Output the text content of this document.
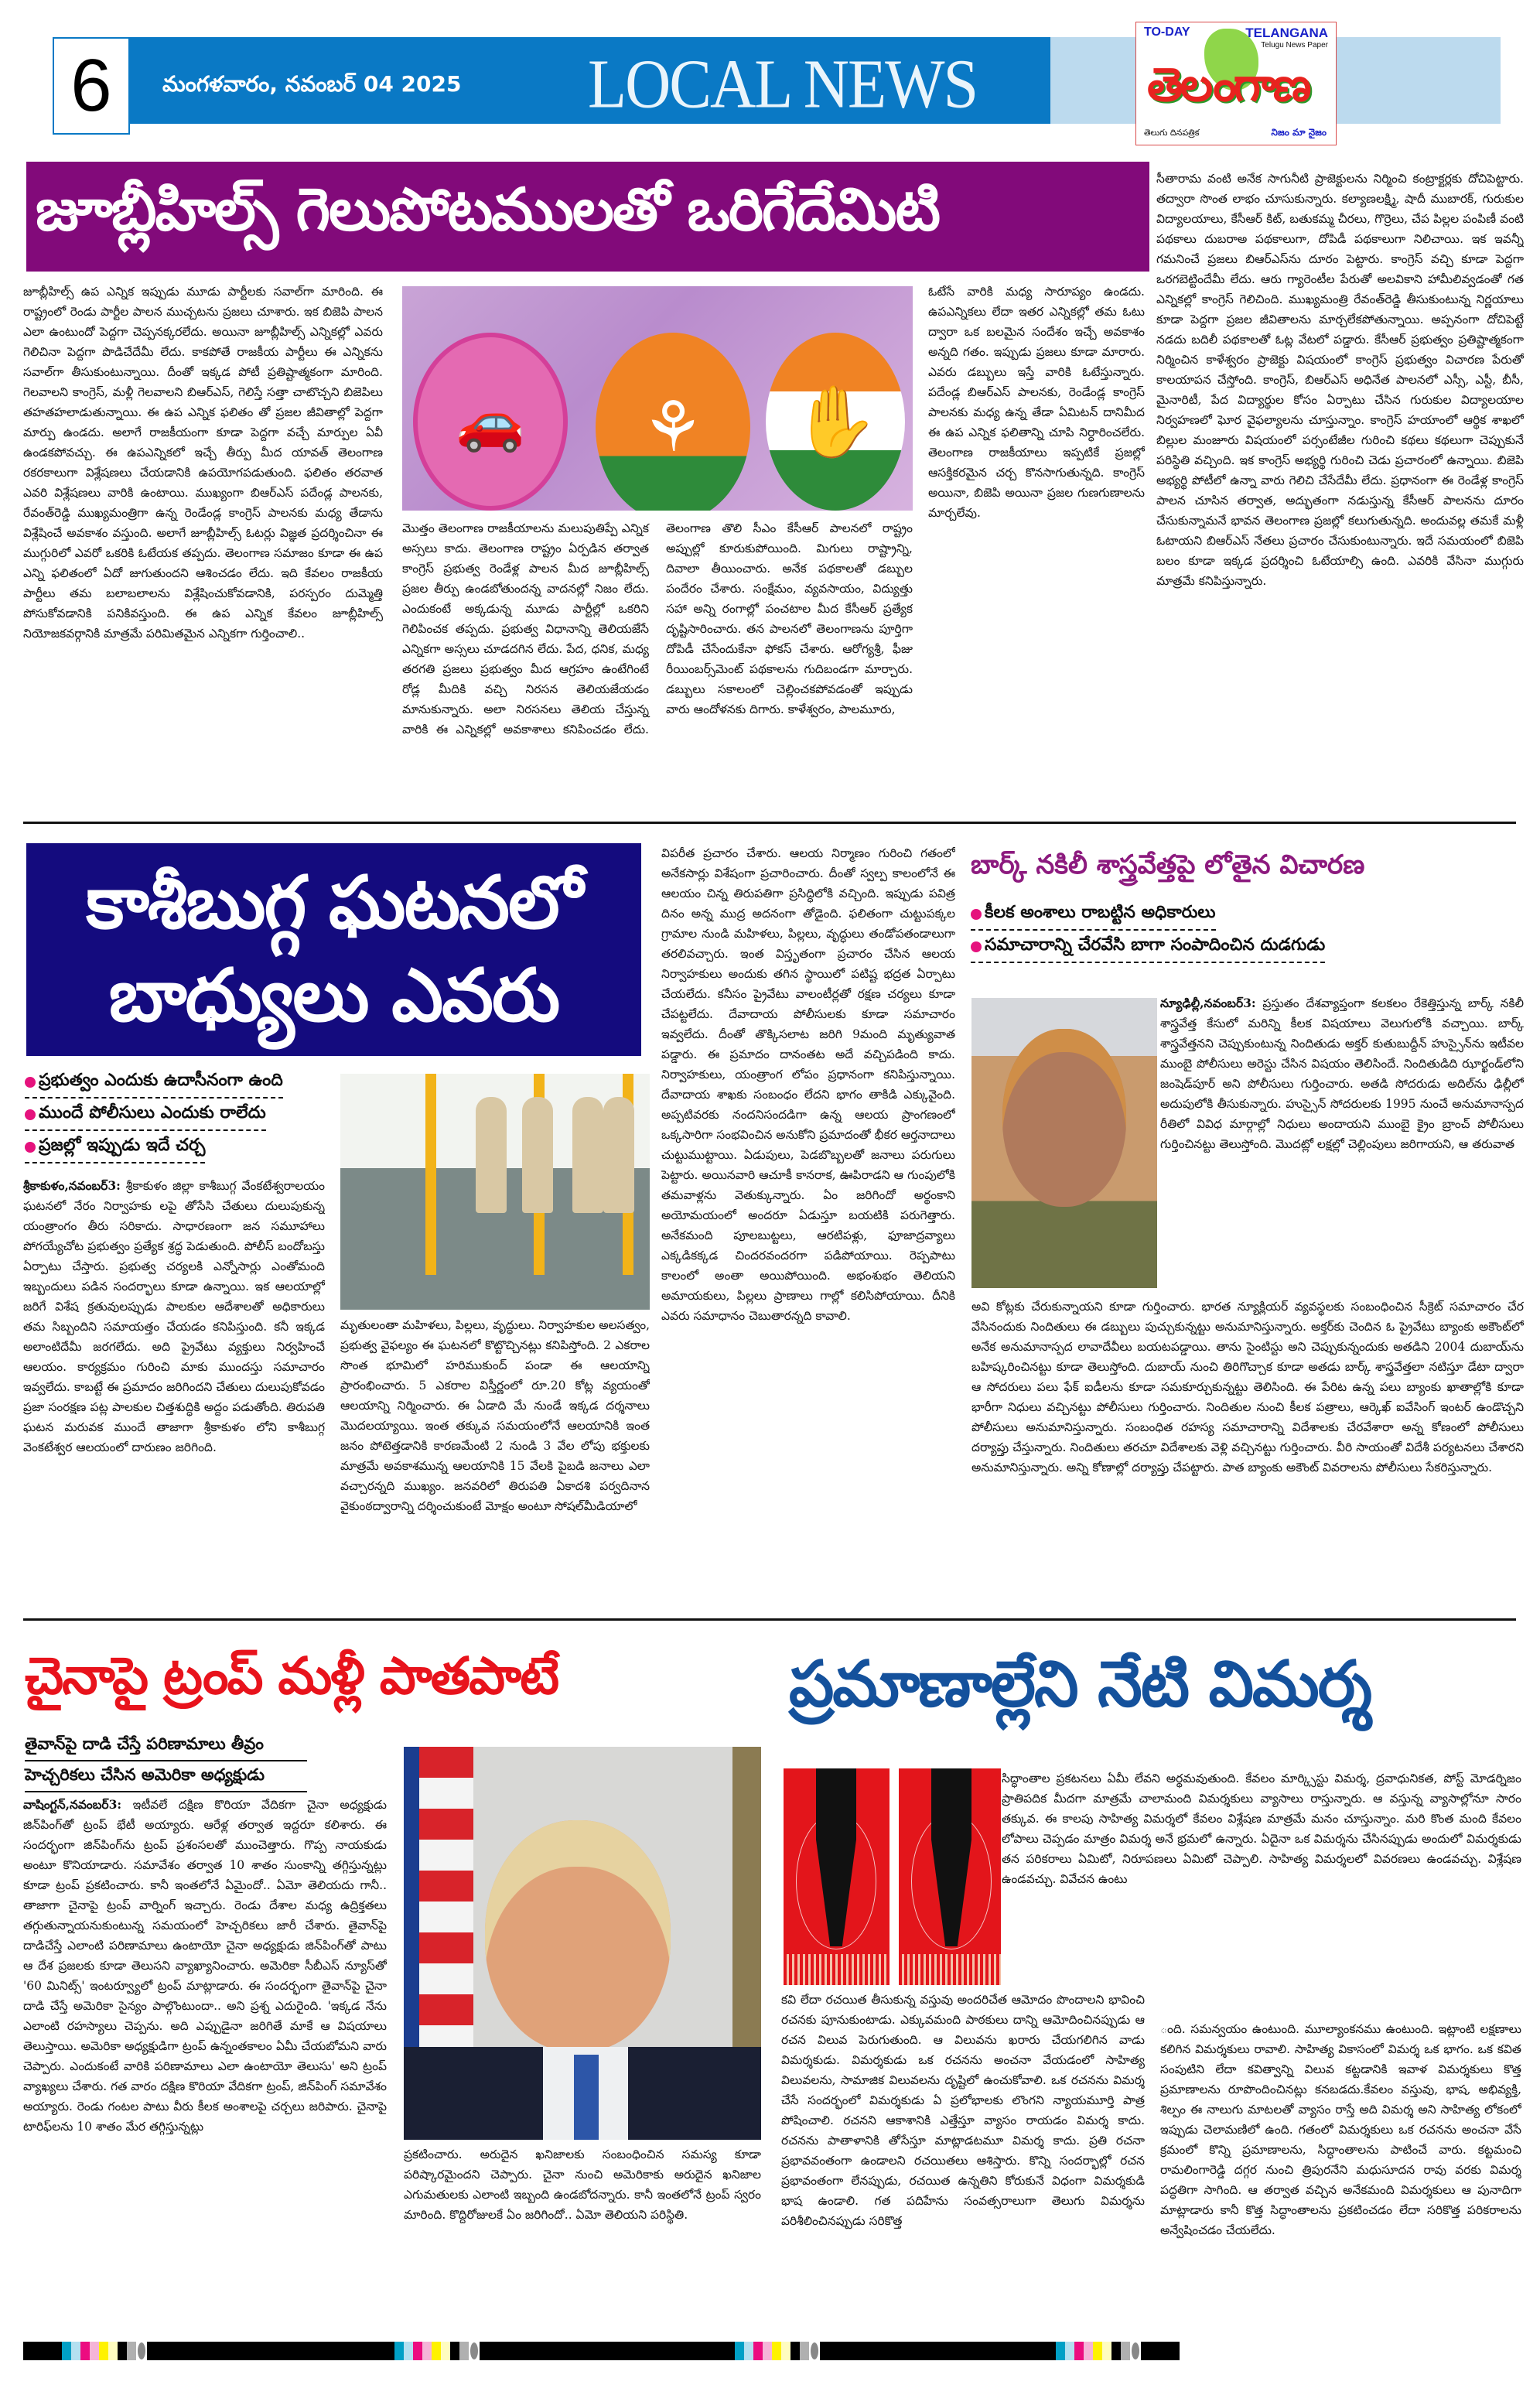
6	మంగళవారం, నవంబర్ 04 2025 LOCAL NEWS
TO-DAY	TELANGANA
Telugu News Paper
తెలంగాణ
తెలుగు దినపత్రిక	నిజం మా నైజం
జూబ్లీహిల్స్ గెలుపోటములతో ఒరిగేదేమిటి
జూబ్లీహిల్స్ ఉప ఎన్నిక ఇప్పుడు మూడు పార్టీలకు సవాల్‌గా మారింది. ఈ రాష్ట్రంలో రెండు పార్టీల పాలన ముచ్చటను ప్రజలు చూశారు. ఇక బిజెపి పాలన ఎలా ఉంటుందో పెద్దగా చెప్పనక్కరలేదు. అయినా జూబ్లీహిల్స్ ఎన్నికల్లో ఎవరు గెలిచినా పెద్దగా పొడిచేదేమీ లేదు. కాకపోతే రాజకీయ పార్టీలు ఈ ఎన్నికను సవాల్‌గా తీసుకుంటున్నాయి. దీంతో ఇక్కడ పోటీ ప్రతిష్టాత్మకంగా మారింది. గెలవాలని కాంగ్రెస్, మళ్లీ గెలవాలని బిఆర్‌ఎస్, గెలిస్తే సత్తా చాటొచ్చని బిజెపిలు తహతహలాడుతున్నాయి. ఈ ఉప ఎన్నిక ఫలితం తో ప్రజల జీవితాల్లో పెద్దగా మార్పు ఉండదు. అలాగే రాజకీయంగా కూడా పెద్దగా వచ్చే మార్పుల ఏవీ ఉండకపోవచ్చు. ఈ ఉపఎన్నికలో ఇచ్చే తీర్పు మీద యావత్ తెలంగాణ రకరకాలుగా విశ్లేషణలు చేయడానికి ఉపయోగపడుతుంది. ఫలితం తరవాత ఎవరి విశ్లేషణలు వారికి ఉంటాయి. ముఖ్యంగా బిఆర్‌ఎస్ పదేండ్ల పాలనకు, రేవంత్‌రెడ్డి ముఖ్యమంత్రిగా ఉన్న రెండేండ్ల కాంగ్రెస్ పాలనకు మధ్య తేడాను విశ్లేషించే అవకాశం వస్తుంది. అలాగే జూబ్లీహిల్స్ ఓటర్లు విజ్ఞత ప్రదర్శించినా ఈ ముగ్గురిలో ఎవరో ఒకరికి ఓటేయక తప్పదు. తెలంగాణ సమాజం కూడా ఈ ఉప ఎన్ని ఫలితంలో ఏదో జుగుతుందని ఆశించడం లేదు. ఇది కేవలం రాజకీయ పార్టీలు తమ బలాబలాలను విశ్లేషించుకోవడానికి, పరస్పరం దుమ్మెత్తి పోసుకోవడానికి పనికివస్తుంది. ఈ ఉప ఎన్నిక కేవలం జూబ్లీహిల్స్ నియోజకవర్గానికి మాత్రమే పరిమితమైన ఎన్నికగా గుర్తించాలి..
🚗	⚘	✋
ఓటేసే వారికి మధ్య సారూప్యం ఉండదు. ఉపఎన్నికలు లేదా ఇతర ఎన్నికల్లో తమ ఓటు ద్వారా ఒక బలమైన సందేశం ఇచ్చే అవకాశం అన్నది గతం. ఇప్పుడు ప్రజలు కూడా మారారు. ఎవరు డబ్బులు ఇస్తే వారికి ఓటేస్తున్నారు. పదేండ్ల బిఆర్‌ఎస్ పాలనకు, రెండేండ్ల కాంగ్రెస్ పాలనకు మధ్య ఉన్న తేడా ఏమిటన్ దానిమీద ఈ ఉప ఎన్నిక ఫలితాన్ని చూపి నిర్ధారించలేరు. తెలంగాణ రాజకీయాలు ఇప్పటికే ప్రజల్లో ఆసక్తికరమైన చర్చ కొనసాగుతున్నది. కాంగ్రెస్ అయినా, బిజెపి అయినా ప్రజల గుణగుణాలను మార్చలేవు.
మొత్తం తెలంగాణ రాజకీయాలను మలుపుతిప్పే ఎన్నిక అస్సలు కాదు. తెలంగాణ రాష్ట్రం ఏర్పడిన తర్వాత కాంగ్రెస్ ప్రభుత్వ రెండేళ్ల పాలన మీద జూబ్లీహిల్స్ ప్రజల తీర్పు ఉండబోతుందన్న వాదనల్లో నిజం లేదు. ఎందుకంటే అక్కడున్న మూడు పార్టీల్లో ఒకరిని గెలిపించక తప్పదు. ప్రభుత్వ విధానాన్ని తెలియజేసే ఎన్నికగా అస్సలు చూడదగిన లేదు. పేద, ధనిక, మధ్య తరగతి ప్రజలు ప్రభుత్వం మీద ఆగ్రహం ఉంటేగింటే రోడ్ల మీదికి వచ్చి నిరసన తెలియజేయడం మానుకున్నారు. అలా నిరసనలు తెలియ చేస్తున్న వారికి ఈ ఎన్నికల్లో అవకాశాలు కనిపించడం లేదు. తెలంగాణ తొలి సీఎం కేసీఆర్ పాలనలో రాష్ట్రం అప్పుల్లో కూరుకుపోయింది. మిగులు రాష్ట్రాన్ని, దివాలా తీయించారు. అనేక పథకాలతో డబ్బుల పందేరం చేశారు. సంక్షేమం, వ్యవసాయం, విద్యుత్తు సహా అన్ని రంగాల్లో పంచటాల మీద కేసీఆర్ ప్రత్యేక దృష్టిసారించారు. తన పాలనలో తెలంగాణను పూర్తిగా దోపిడీ చేసేందుకేనా ఫోకస్ చేశారు. ఆరోగ్యశ్రీ, ఫీజు రీయింబర్స్‌మెంట్ పథకాలను గుదిబండగా మార్చారు. డబ్బులు సకాలంలో చెల్లించకపోవడంతో ఇప్పుడు వారు ఆందోళనకు దిగారు. కాళేశ్వరం, పాలమూరు,
సీతారామ వంటి అనేక సాగునీటి ప్రాజెక్టులను నిర్మించి కంట్రాక్టర్లకు దోచిపెట్టారు. తద్వారా సొంత లాభం చూసుకున్నారు. కల్యాణలక్ష్మి, షాదీ ముబారక్, గురుకుల విద్యాలయాలు, కేసీఆర్ కిట్, బతుకమ్మ చీరలు, గొర్రెలు, చేప పిల్లల పంపిణీ వంటి పథకాలు దుబరాఅ పథకాలుగా, దోపిడీ పథకాలుగా నిలిచాయి. ఇక ఇవన్నీ గమనించే ప్రజలు బిఆర్‌ఎస్‌ను దూరం పెట్టారు. కాంగ్రెస్ వచ్చి కూడా పెద్దగా ఒరగబెట్టిందేమీ లేదు. ఆరు గ్యారెంటీల పేరుతో అలవికాని హామీలివ్వడంతో గత ఎన్నికల్లో కాంగ్రెస్ గెలిచింది. ముఖ్యమంత్రి రేవంత్‌రెడ్డి తీసుకుంటున్న నిర్ణయాలు కూడా పెద్దగా ప్రజల జీవితాలను మార్చలేకపోతున్నాయి. అప్పనంగా దోచిపెట్టే నడదు బదిలీ పథకాలతో ఓట్ల వేటలో పడ్డారు. కేసీఆర్ ప్రభుత్వం ప్రతిష్టాత్మకంగా నిర్మించిన కాళేశ్వరం ప్రాజెక్టు విషయంలో కాంగ్రెస్ ప్రభుత్వం విచారణ పేరుతో కాలయాపన చేస్తోంది. కాంగ్రెస్, బిఆర్‌ఎస్ అధినేత పాలనలో ఎస్సీ, ఎస్టీ, బీసీ, మైనారిటీ, పేద విద్యార్థుల కోసం ఏర్పాటు చేసిన గురుకుల విద్యాలయాల నిర్వహణలో ఘోర వైఫల్యాలను చూస్తున్నాం. కాంగ్రెస్ హయాంలో ఆర్థిక శాఖలో బిల్లుల మంజూరు విషయంలో పర్సంటేజీల గురించి కథలు కథలుగా చెప్పుకునే పరిస్థితి వచ్చింది. ఇక కాంగ్రెస్ అభ్యర్థి గురించి చెడు ప్రచారంలో ఉన్నాయి. బిజెపి అభ్యర్థి పోటీలో ఉన్నా వారు గెలిచి చేసేదేమీ లేదు. ప్రధానంగా ఈ రెండేళ్ల కాంగ్రెస్ పాలన చూసిన తర్వాత, అద్భుతంగా నడుస్తున్న కేసీఆర్ పాలనను దూరం చేసుకున్నామనే భావన తెలంగాణ ప్రజల్లో కలుగుతున్నది. అందువల్ల తమకే మళ్లీ ఓటాయని బిఆర్‌ఎస్ నేతలు ప్రచారం చేసుకుంటున్నారు. ఇదే సమయంలో బిజెపి బలం కూడా ఇక్కడ ప్రదర్శించి ఓటేయాల్సి ఉంది. ఎవరికి వేసినా ముగ్గురు మాత్రమే కనిపిస్తున్నారు.
కాశీబుగ్గ ఘటనలో
బాధ్యులు ఎవరు
ప్రభుత్వం ఎందుకు ఉదాసీనంగా ఉంది
ముందే పోలీసులు ఎందుకు రాలేదు
ప్రజల్లో ఇప్పుడు ఇదే చర్చ
శ్రీకాకుళం,నవంబర్3: శ్రీకాకుళం జిల్లా కాశీబుగ్గ వేంకటేశ్వరాలయం ఘటనలో నేరం నిర్వాహకు లపై తోసేసి చేతులు దులుపుకున్న యంత్రాంగం తీరు సరికాదు. సాధారణంగా జన సమూహాలు పోగయ్యేచోట ప్రభుత్వం ప్రత్యేక శ్రద్ధ పెడుతుంది. పోలీస్ బందోబస్తు ఏర్పాటు చేస్తారు. ప్రభుత్వ చర్యలకి ఎన్నోసార్లు ఎంతోమంది ఇబ్బందులు పడిన సందర్భాలు కూడా ఉన్నాయి. ఇక ఆలయాల్లో జరిగే విశేష క్రతువులప్పుడు పాలకుల ఆదేశాలతో అధికారులు తమ సిబ్బందిని సమాయత్తం చేయడం కనిపిస్తుంది. కనీ ఇక్కడ అలాంటిదేమీ జరగలేదు. అది ప్రైవేటు వ్యక్తులు నిర్వహించే ఆలయం. కార్యక్రమం గురించి మాకు ముందస్తు సమాచారం ఇవ్వలేదు. కాబట్టే ఈ ప్రమాదం జరిగిందని చేతులు దులుపుకోవడం ప్రజా సంరక్షణ పట్ల పాలకుల చిత్తశుద్ధికి అద్దం పడుతోంది. తిరుపతి ఘటన మరువక ముందే తాజాగా శ్రీకాకుళం లోని కాశీబుగ్గ వెంకటేశ్వర ఆలయంలో దారుణం జరిగింది.
మృతులంతా మహిళలు, పిల్లలు, వృద్ధులు. నిర్వాహకుల అలసత్వం, ప్రభుత్వ వైఫల్యం ఈ ఘటనలో కొట్టొచ్చినట్లు కనిపిస్తోంది. 2 ఎకరాల సొంత భూమిలో హరిముకుంద్ పండా ఈ ఆలయాన్ని ప్రారంభించారు. 5 ఎకరాల విస్తీర్ణంలో రూ.20 కోట్ల వ్యయంతో ఆలయాన్ని నిర్మించారు. ఈ ఏడాది మే నుండే ఇక్కడ దర్శనాలు మొదలయ్యాయి. ఇంత తక్కువ సమయంలోనే ఆలయానికి ఇంత జనం పోటెత్తడానికి కారణమేంటి 2 నుండి 3 వేల లోపు భక్తులకు మాత్రమే అవకాశమున్న ఆలయానికి 15 వేలకి పైబడి జనాలు ఎలా వచ్చారన్నది ముఖ్యం. జనవరిలో తిరుపతి ఏకాదశి పర్వదినాన వైకుంఠద్వారాన్ని దర్శించుకుంటే మోక్షం అంటూ సోషల్‌మీడియాలో
విపరీత ప్రచారం చేశారు. ఆలయ నిర్మాణం గురించి గతంలో అనేకసార్లు విశేషంగా ప్రచారించారు. దీంతో స్వల్ప కాలంలోనే ఈ ఆలయం చిన్న తిరుపతిగా ప్రసిద్ధిలోకి వచ్చింది. ఇప్పుడు పవిత్ర దినం అన్న ముద్ర అదనంగా తోడైంది. ఫలితంగా చుట్టుపక్కల గ్రామాల నుండి మహిళలు, పిల్లలు, వృద్ధులు తండోపతండాలుగా తరలివచ్చారు. ఇంత విస్తృతంగా ప్రచారం చేసిన ఆలయ నిర్వాహకులు అందుకు తగిన స్థాయిలో పటిష్ట భద్రత ఏర్పాటు చేయలేదు. కనీసం ప్రైవేటు వాలంటీర్లతో రక్షణ చర్యలు కూడా చేపట్టలేదు. దేవాదాయ పోలీసులకు కూడా సమాచారం ఇవ్వలేదు. దీంతో తొక్కిసలాట జరిగి 9మంది మృత్యువాత పడ్డారు. ఈ ప్రమాదం దానంతట అదే వచ్చిపడింది కాదు. నిర్వాహకులు, యంత్రాంగ లోపం ప్రధానంగా కనిపిస్తున్నాయి. దేవాదాయ శాఖకు సంబంధం లేదని భాగం తాకిడి ఎక్కువైంది. అప్పటివరకు నందనిసందడిగా ఉన్న ఆలయ ప్రాంగణంలో ఒక్కసారిగా సంభవించిన అనుకోని ప్రమాదంతో భీకర ఆర్తనాదాలు చుట్టుముట్టాయి. ఏడుపులు, పెడబొబ్బలతో జనాలు పరుగులు పెట్టారు. అయినవారి ఆచూకీ కానరాక, ఊపిరాడని ఆ గుంపులోకి తమవాళ్లను వెతుక్కున్నారు. ఏం జరిగిందో అర్థంకాని అయోమయంలో అందరూ ఏడుస్తూ బయటికి పరుగెత్తారు. అనేకమంది పూలబుట్టలు, ఆరటిపళ్లు, ఫూజాద్రవ్యాలు ఎక్కడికక్కడ చిందరవందరగా పడిపోయాయి. రెప్పపాటు కాలంలో అంతా అయిపోయింది. అభంశుభం తెలియని అమాయకులు, పిల్లలు ప్రాణాలు గాల్లో కలిసిపోయాయి. దీనికి ఎవరు సమాధానం చెబుతారన్నది కావాలి.
బార్క్ నకిలీ శాస్త్రవేత్తపై లోతైన విచారణ
కీలక అంశాలు రాబట్టిన అధికారులు
సమాచారాన్ని చేరవేసి బాగా సంపాదించిన దుడగుడు
న్యూఢిల్లీ,నవంబర్3: ప్రస్తుతం దేశవ్యాప్తంగా కలకలం రేకెత్తిస్తున్న బార్క్ నకిలీ శాస్త్రవేత్త కేసులో మరిన్ని కీలక విషయాలు వెలుగులోకి వచ్చాయి. బార్క్ శాస్త్రవేత్తనని చెప్పుకుంటున్న నిందితుడు అక్తర్ కుతుబుద్దీన్ హుస్సైన్‌ను ఇటీవల ముంబై పోలీసులు అరెస్టు చేసిన విషయం తెలిసిందే. నిందితుడిది ఝార్ఖండ్‌లోని జంషెడ్‌పూర్ అని పోలీసులు గుర్తించారు. అతడి సోదరుడు అదిల్‌ను ఢిల్లీలో అదుపులోకి తీసుకున్నారు. హుస్సైన్ సోదరులకు 1995 నుంచే అనుమానాస్పద రీతిలో వివిధ మార్గాల్లో నిధులు అందాయని ముంబై క్రైం బ్రాంచ్ పోలీసులు గుర్తించినట్టు తెలుస్తోంది. మొదట్లో లక్షల్లో చెల్లింపులు జరిగాయని, ఆ తరువాత
అవి కోట్లకు చేరుకున్నాయని కూడా గుర్తించారు. భారత న్యూక్లియర్ వ్యవస్థలకు సంబంధించిన సీక్రెట్ సమాచారం చేర వేసినందుకు నిందితులు ఈ డబ్బులు పుచ్చుకున్నట్టు అనుమానిస్తున్నారు. అక్తర్‌కు చెందిన ఓ ప్రైవేటు బ్యాంకు అకౌంట్‌లో అనేక అనుమానాస్పద లావాదేవీలు బయటపడ్డాయి. తాను సైంటిస్టు అని చెప్పుకున్నందుకు అతడిని 2004 దుబాయ్‌ను బహిష్కరించినట్టు కూడా తెలుస్తోంది. దుబాయ్ నుంచి తిరిగొచ్చాక కూడా అతడు బార్క్ శాస్త్రవేత్తలా నటిస్తూ డేటా ద్వారా ఆ సోదరులు పలు ఫేక్ ఐడీలను కూడా సమకూర్చుకున్నట్టు తెలిసింది. ఈ పేరిట ఉన్న పలు బ్యాంకు ఖాతాల్లోకి కూడా భారీగా నిధులు వచ్చినట్టు పోలీసులు గుర్తించారు. నిందితుల నుంచి కీలక పత్రాలు, ఆర్కెఖ్ ఐవేసింగ్ ఇంటర్ ఉండొచ్చని పోలీసులు అనుమానిస్తున్నారు. సంబంధిత రహస్య సమాచారాన్ని విదేశాలకు చేరవేశారా అన్న కోణంలో పోలీసులు దర్యాప్తు చేస్తున్నారు. నిందితులు తరచూ విదేశాలకు వెళ్లి వచ్చినట్టు గుర్తించారు. వీరి సాయంతో విదేశీ పర్యటనలు చేశారని అనుమానిస్తున్నారు. అన్ని కోణాల్లో దర్యాప్తు చేపట్టారు. పాత బ్యాంకు అకౌంట్ వివరాలను పోలీసులు సేకరిస్తున్నారు.
చైనాపై ట్రంప్ మళ్లీ పాతపాటే
తైవాన్‌పై దాడి చేస్తే పరిణామాలు తీవ్రం
హెచ్చరికలు చేసిన అమెరికా అధ్యక్షుడు
వాషింగ్టన్,నవంబర్3: ఇటీవలే దక్షిణ కొరియా వేదికగా చైనా అధ్యక్షుడు జిన్‌పింగ్‌తో ట్రంప్ భేటీ అయ్యారు. ఆరేళ్ల తర్వాత ఇద్దరూ కలిశారు. ఈ సందర్భంగా జిన్‌పింగ్‌ను ట్రంప్ ప్రశంసలతో ముంచెత్తారు. గొప్ప నాయకుడు అంటూ కొనియాడారు. సమావేశం తర్వాత 10 శాతం సుంకాన్ని తగ్గిస్తున్నట్లు కూడా ట్రంప్ ప్రకటించారు. కానీ ఇంతలోనే ఏమైందో.. ఏమో తెలియదు గానీ.. తాజాగా చైనాపై ట్రంప్ వార్నింగ్ ఇచ్చారు. రెండు దేశాల మధ్య ఉద్రిక్తతలు తగ్గుతున్నాయనుకుంటున్న సమయంలో హెచ్చరికలు జారీ చేశారు. తైవాన్‌పై దాడిచేస్తే ఎలాంటి పరిణామాలు ఉంటాయో చైనా అధ్యక్షుడు జిన్‌పింగ్‌తో పాటు ఆ దేశ ప్రజలకు కూడా తెలుసని వ్యాఖ్యానించారు. అమెరికా సీబీఎస్ న్యూస్‌తో '60 మినిట్స్' ఇంటర్వ్యూలో ట్రంప్ మాట్లాడారు. ఈ సందర్భంగా తైవాన్‌పై చైనా దాడి చేస్తే అమెరికా సైన్యం పాల్గొంటుందా.. అని ప్రశ్న ఎదురైంది. 'ఇక్కడ నేను ఎలాంటి రహస్యాలు చెప్పను. అది ఎప్పుడైనా జరిగితే మాకే ఆ విషయాలు తెలుస్తాయి. అమెరికా అధ్యక్షుడిగా ట్రంప్ ఉన్నంతకాలం ఏమీ చేయబోమని వారు చెప్పారు. ఎందుకంటే వారికి పరిణామాలు ఎలా ఉంటాయో తెలుసు' అని ట్రంప్ వ్యాఖ్యలు చేశారు. గత వారం దక్షిణ కొరియా వేదికగా ట్రంప్, జిన్‌పింగ్ సమావేశం అయ్యారు. రెండు గంటల పాటు వీరు కీలక అంశాలపై చర్చలు జరిపారు. చైనాపై టారిఫ్‌లను 10 శాతం మేర తగ్గిస్తున్నట్లు
ప్రకటించారు. అరుదైన ఖనిజాలకు సంబంధించిన సమస్య కూడా పరిష్కారమైందని చెప్పారు. చైనా నుంచి అమెరికాకు అరుదైన ఖనిజాల ఎగుమతులకు ఎలాంటి ఇబ్బంది ఉండబోదన్నారు. కానీ ఇంతలోనే ట్రంప్ స్వరం మారింది. కొద్దిరోజులకే ఏం జరిగిందో.. ఏమో తెలియని పరిస్థితి.
ప్రమాణాల్లేని నేటి విమర్శ
సిద్ధాంతాల ప్రకటనలు ఏమీ లేవని అర్థమవుతుంది. కేవలం మార్క్సిస్టు విమర్శ, ద్రవాధునికత, పోస్ట్ మోడర్నిజం ప్రాతిపదిక మీదగా మాత్రమే చాలామంది విమర్శకులు వ్యాసాలు రాస్తున్నారు. ఆ వస్తున్న వ్యాసాల్లోనూ సారం తక్కువ. ఈ కాలపు సాహిత్య విమర్శలో కేవలం విశ్లేషణ మాత్రమే మనం చూస్తున్నాం. మరి కొంత మంది కేవలం లోపాలు చెప్పడం మాత్రం విమర్శ అనే భ్రమలో ఉన్నారు. ఏదైనా ఒక విమర్శను చేసినప్పుడు అందులో విమర్శకుడు తన పరికరాలు ఏమిటో, నిరూపణలు ఏమిటో చెప్పాలి. సాహిత్య విమర్శలలో వివరణలు ఉండవచ్చు. విశ్లేషణ ఉండవచ్చు. వివేచన ఉంటు
కవి లేదా రచయిత తీసుకున్న వస్తువు అందరిచేత ఆమోదం పొందాలని భావించి రచనకు పూనుకుంటాడు. ఎక్కువమంది పాఠకులు దాన్ని ఆమోదించినప్పుడు ఆ రచన విలువ పెరుగుతుంది. ఆ విలువను ఖరారు చేయగలిగిన వాడు విమర్శకుడు. విమర్శకుడు ఒక రచనను అంచనా వేయడంలో సాహిత్య విలువలను, సామాజిక విలువలను దృష్టిలో ఉంచుకోవాలి. ఒక రచనను విమర్శ చేసే సందర్భంలో విమర్శకుడు ఏ ప్రలోభాలకు లొంగని న్యాయమూర్తి పాత్ర పోషించాలి. రచనని ఆకాశానికి ఎత్తేస్తూ వ్యాసం రాయడం విమర్శ కాదు. రచనను పాతాళానికి తోసేస్తూ మాట్లాడటమూ విమర్శ కాదు. ప్రతి రచనా ప్రభావవంతంగా ఉండాలని రచయితలు ఆశిస్తారు. కొన్ని సందర్భాల్లో రచన ప్రభావంతంగా లేనప్పుడు, రచయిత ఉన్నతిని కోరుకునే విధంగా విమర్శకుడి భాష ఉండాలి. గత పదిహేను సంవత్సరాలుగా తెలుగు విమర్శను పరిశీలించినప్పుడు సరికొత్త
ంది. సమన్వయం ఉంటుంది. మూల్యాంకనము ఉంటుంది. ఇట్లాంటి లక్షణాలు కలిగిన విమర్శకులు రావాలి. సాహిత్య వికాసంలో విమర్శ ఒక భాగం. ఒక కవిత సంపుటిని లేదా కవిత్వాన్ని విలువ కట్టడానికి ఇవాళ విమర్శకులు కొత్త ప్రమాణాలను రూపొందించినట్లు కనబడదు.కేవలం వస్తువు, భాష, అభివ్యక్తి, శిల్పం ఈ నాలుగు మాటలతో వ్యాసం రాస్తే అది విమర్శ అని సాహిత్య లోకంలో ఇప్పుడు చెలామణిలో ఉంది. గతంలో విమర్శకులు ఒక రచనను అంచనా వేసే క్రమంలో కొన్ని ప్రమాణాలను, సిద్ధాంతాలను పాటించే వారు. కట్టమంచి రామలింగారెడ్డి దగ్గర నుంచి త్రిపురనేని మధుసూదన రావు వరకు విమర్శ పద్ధతిగా సాగింది. ఆ తర్వాత వచ్చిన అనేకమంది విమర్శకులు ఆ పునాదిగా మాట్లాడారు కానీ కొత్త సిద్ధాంతాలను ప్రకటించడం లేదా సరికొత్త పరికరాలను అన్వేషించడం చేయలేదు.
